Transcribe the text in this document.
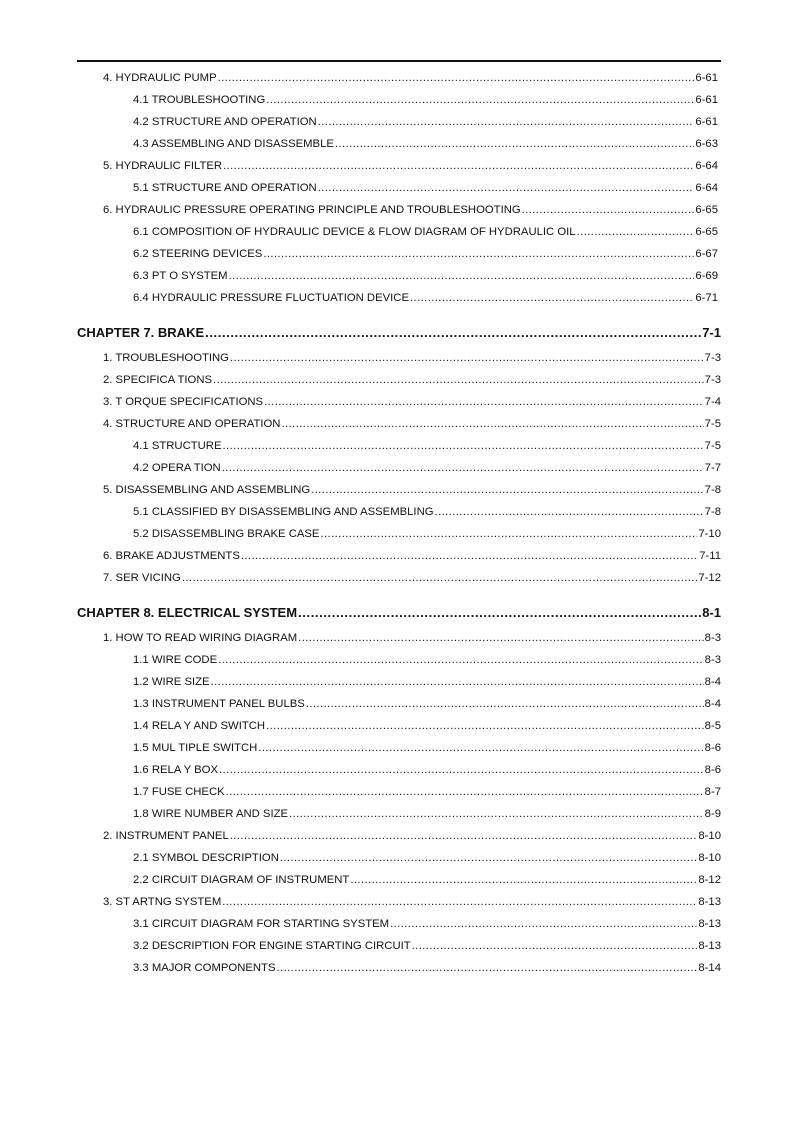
4. HYDRAULIC PUMP .....	6-61
4.1 TROUBLESHOOTING .....	6-61
4.2 STRUCTURE AND OPERATION .....	6-61
4.3 ASSEMBLING AND DISASSEMBLE .....	6-63
5. HYDRAULIC FILTER .....	6-64
5.1 STRUCTURE AND OPERATION .....	6-64
6. HYDRAULIC PRESSURE OPERATING PRINCIPLE AND TROUBLESHOOTING .....	6-65
6.1 COMPOSITION OF HYDRAULIC DEVICE & FLOW DIAGRAM OF HYDRAULIC OIL .....	6-65
6.2 STEERING DEVICES .....	6-67
6.3 PT O SYSTEM .....	6-69
6.4 HYDRAULIC PRESSURE FLUCTUATION DEVICE .....	6-71
CHAPTER 7. BRAKE .....	7-1
1. TROUBLESHOOTING .....	7-3
2. SPECIFICA TIONS .....	7-3
3. T ORQUE SPECIFICATIONS .....	7-4
4. STRUCTURE AND OPERATION .....	7-5
4.1 STRUCTURE .....	7-5
4.2 OPERA TION .....	7-7
5. DISASSEMBLING AND ASSEMBLING .....	7-8
5.1 CLASSIFIED BY DISASSEMBLING AND ASSEMBLING .....	7-8
5.2 DISASSEMBLING BRAKE CASE .....	7-10
6. BRAKE ADJUSTMENTS .....	7-11
7. SER VICING .....	7-12
CHAPTER 8. ELECTRICAL SYSTEM .....	8-1
1. HOW TO READ WIRING DIAGRAM .....	8-3
1.1 WIRE CODE .....	8-3
1.2 WIRE SIZE .....	8-4
1.3 INSTRUMENT PANEL BULBS .....	8-4
1.4 RELA Y AND SWITCH .....	8-5
1.5 MUL TIPLE SWITCH .....	8-6
1.6 RELA Y BOX .....	8-6
1.7 FUSE CHECK .....	8-7
1.8 WIRE NUMBER AND SIZE .....	8-9
2. INSTRUMENT PANEL .....	8-10
2.1 SYMBOL DESCRIPTION .....	8-10
2.2 CIRCUIT DIAGRAM OF INSTRUMENT .....	8-12
3. ST ARTNG SYSTEM .....	8-13
3.1 CIRCUIT DIAGRAM FOR STARTING SYSTEM .....	8-13
3.2 DESCRIPTION FOR ENGINE STARTING CIRCUIT .....	8-13
3.3 MAJOR COMPONENTS .....	8-14
